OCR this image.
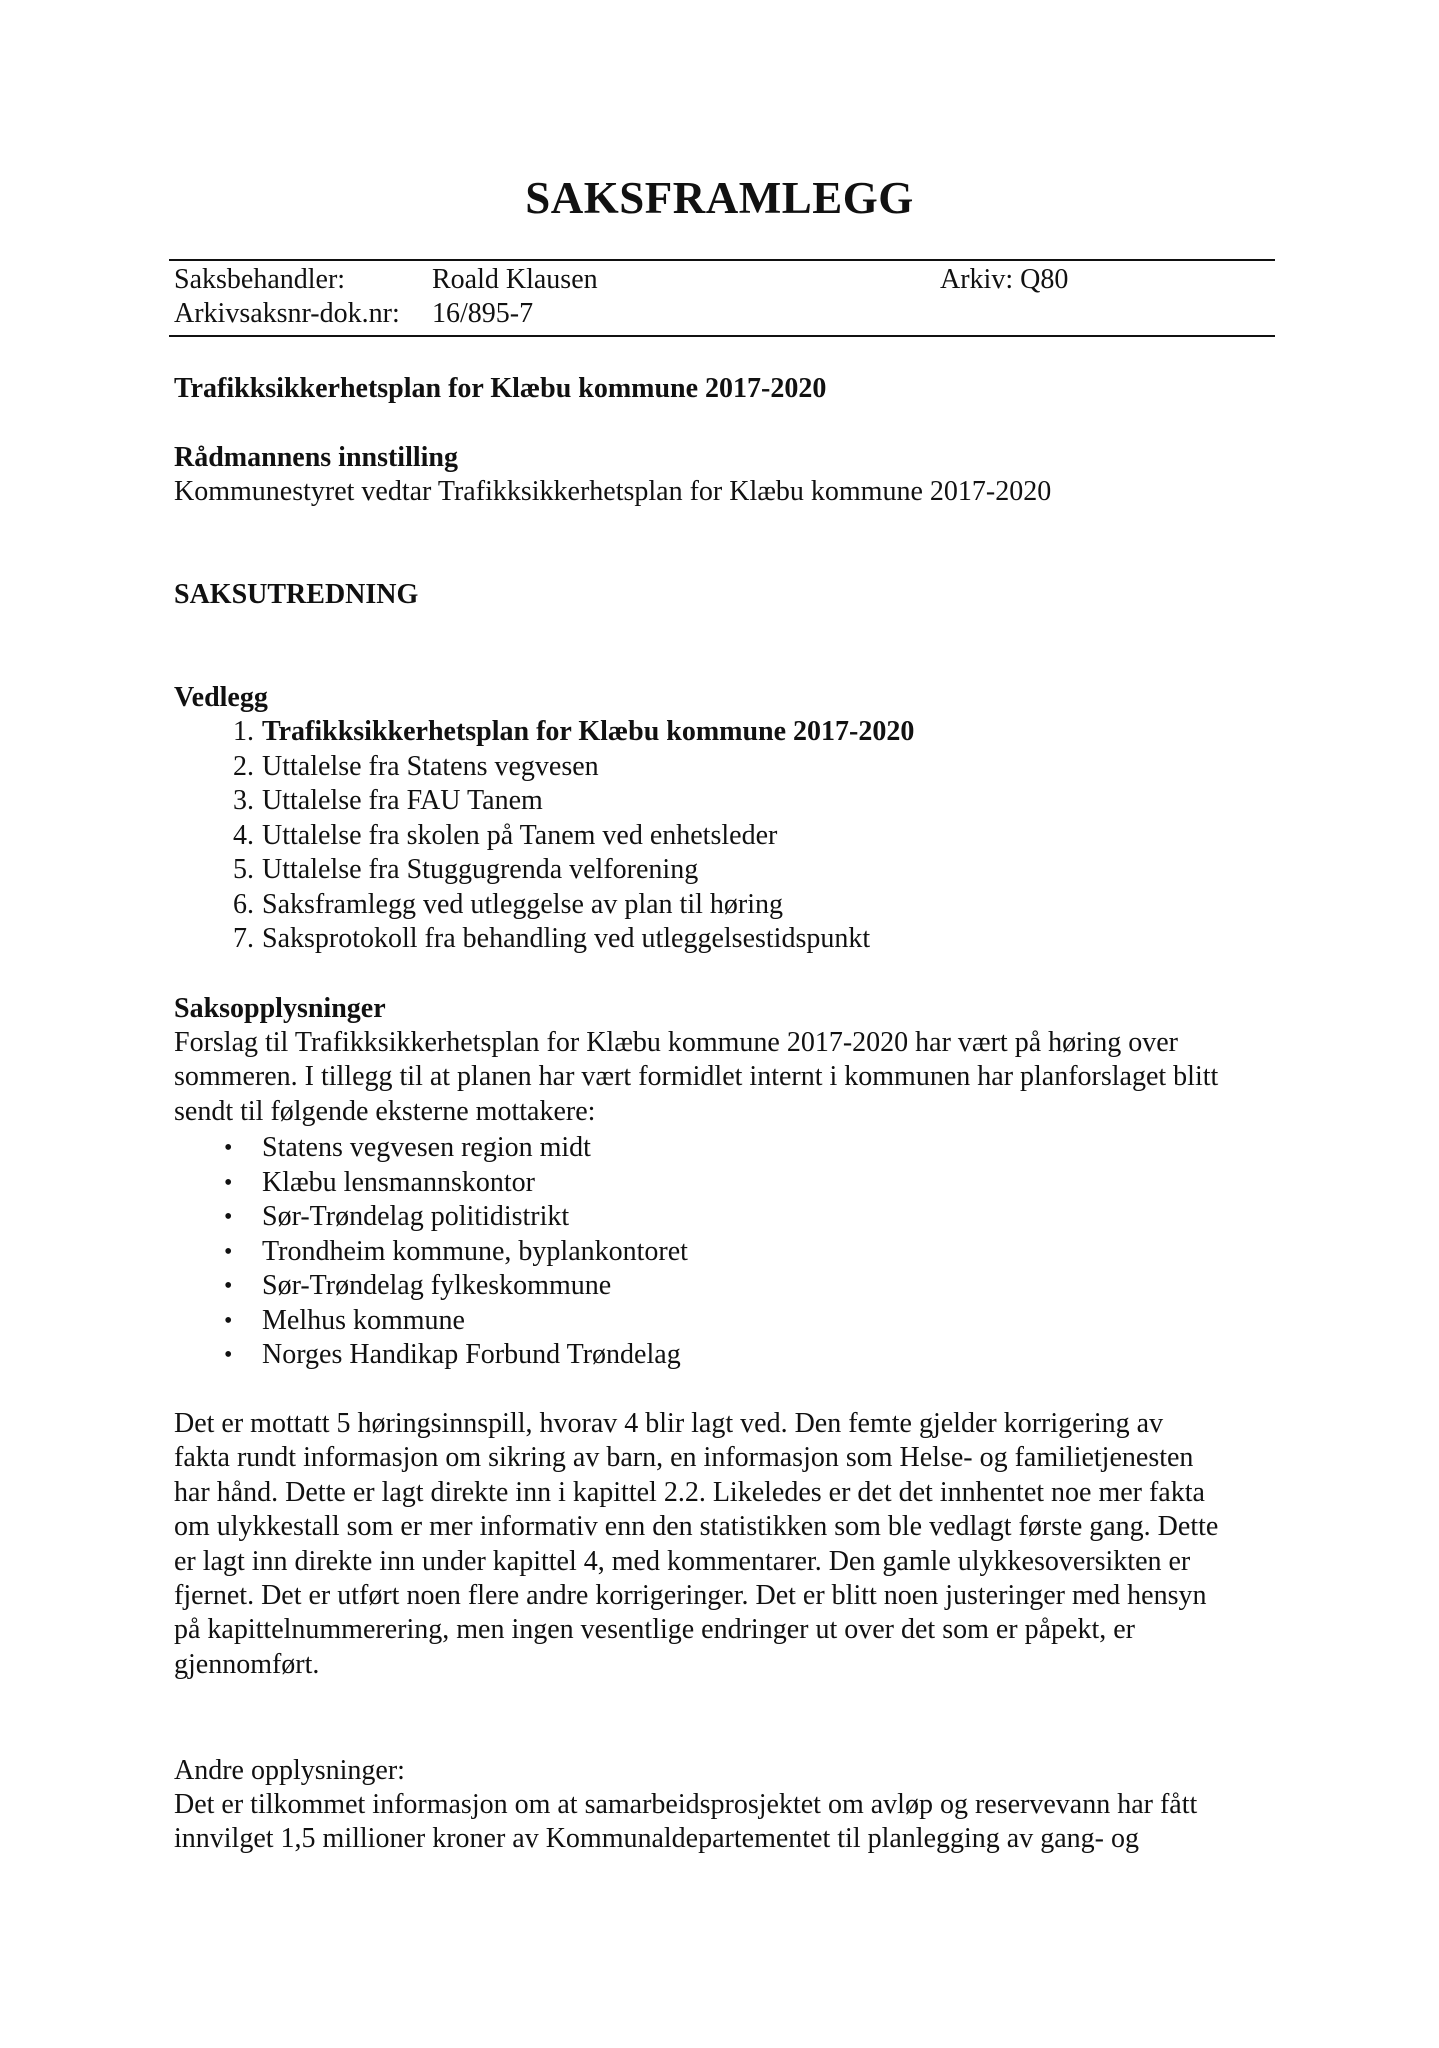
SAKSFRAMLEGG
Saksbehandler:	Roald Klausen	Arkiv: Q80
Arkivsaksnr-dok.nr: 16/895-7
Trafikksikkerhetsplan for Klæbu kommune 2017-2020
Rådmannens innstilling
Kommunestyret vedtar Trafikksikkerhetsplan for Klæbu kommune 2017-2020
SAKSUTREDNING
Vedlegg
1. Trafikksikkerhetsplan for Klæbu kommune 2017-2020
2. Uttalelse fra Statens vegvesen
3. Uttalelse fra FAU Tanem
4. Uttalelse fra skolen på Tanem ved enhetsleder
5. Uttalelse fra Stuggugrenda velforening
6. Saksframlegg ved utleggelse av plan til høring
7. Saksprotokoll fra behandling ved utleggelsestidspunkt
Saksopplysninger
Forslag til Trafikksikkerhetsplan for Klæbu kommune 2017-2020 har vært på høring over
sommeren. I tillegg til at planen har vært formidlet internt i kommunen har planforslaget blitt
sendt til følgende eksterne mottakere:
• Statens vegvesen region midt
• Klæbu lensmannskontor
• Sør-Trøndelag politidistrikt
• Trondheim kommune, byplankontoret
• Sør-Trøndelag fylkeskommune
• Melhus kommune
• Norges Handikap Forbund Trøndelag
Det er mottatt 5 høringsinnspill, hvorav 4 blir lagt ved. Den femte gjelder korrigering av
fakta rundt informasjon om sikring av barn, en informasjon som Helse- og familietjenesten
har hånd. Dette er lagt direkte inn i kapittel 2.2. Likeledes er det det innhentet noe mer fakta
om ulykkestall som er mer informativ enn den statistikken som ble vedlagt første gang. Dette
er lagt inn direkte inn under kapittel 4, med kommentarer. Den gamle ulykkesoversikten er
fjernet. Det er utført noen flere andre korrigeringer. Det er blitt noen justeringer med hensyn
på kapittelnummerering, men ingen vesentlige endringer ut over det som er påpekt, er
gjennomført.
Andre opplysninger:
Det er tilkommet informasjon om at samarbeidsprosjektet om avløp og reservevann har fått
innvilget 1,5 millioner kroner av Kommunaldepartementet til planlegging av gang- og
